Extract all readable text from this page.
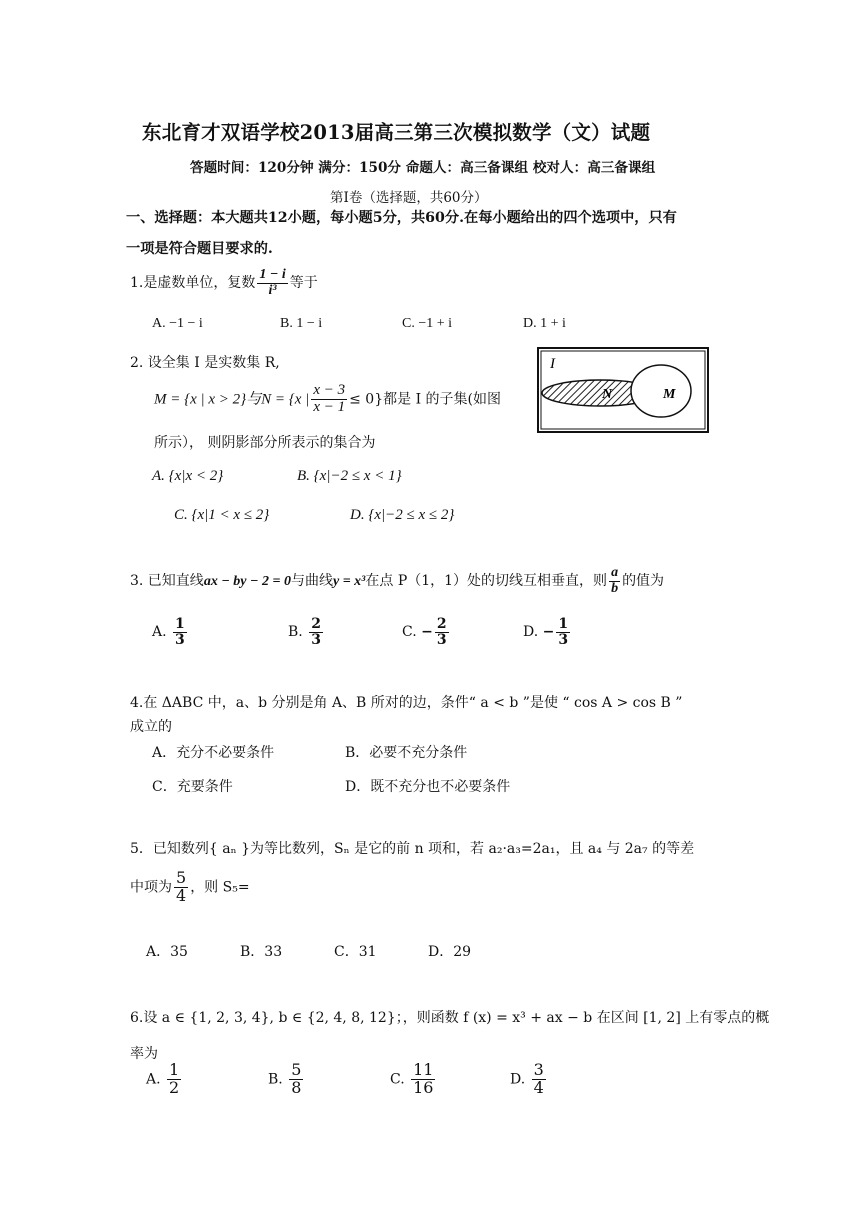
东北育才双语学校2013届高三第三次模拟数学（文）试题
答题时间：120分钟 满分：150分 命题人：高三备课组 校对人：高三备课组
第Ⅰ卷（选择题，共60分）
一、选择题：本大题共12小题，每小题5分，共60分.在每小题给出的四个选项中，只有
一项是符合题目要求的.
1.是虚数单位，复数 $\frac{1 - i}{\text{i³}}$ 等于
A. −1 − i	B. 1 − i	C. −1 + i	D. 1 + i
2. 设全集 I 是实数集 R,
M = {x | x > 2}与N = {x | $\frac{x - 3}{x - 1} \le 0$}都是 I 的子集(如图
所示）， 则阴影部分所表示的集合为
A. {x|x < 2}	B. {x|−2 ≤ x < 1}
C. {x|1 < x ≤ 2}	D. {x|−2 ≤ x ≤ 2}
I
N	M
3. 已知直线ax − by − 2 = 0与曲线y = x³在点 P（1，1）处的切线互相垂直，则 $\frac{a}{b}$ 的值为
A. $\frac{1}{3}$	B. $\frac{2}{3}$	C. − $\frac{2}{3}$	D. − $\frac{1}{3}$
4.在 ΔABC 中，a、b 分别是角 A、B 所对的边，条件“ a < b ”是使 “ cos A > cos B ”
成立的
A．充分不必要条件	B．必要不充分条件
C．充要条件	D．既不充分也不必要条件
5．已知数列{ aₙ }为等比数列，Sₙ 是它的前 n 项和，若 a₂·a₃=2a₁，且 a₄ 与 2a₇ 的等差
中项为 $\frac{5}{4}$ ，则 S₅=
A．35	B．33	C．31	D．29
6.设 a ∈ {1, 2, 3, 4}, b ∈ {2, 4, 8, 12}；，则函数 f (x) = x³ + ax − b 在区间 [1, 2] 上有零点的概
率为
A. $\frac{1}{2}$	B. $\frac{5}{8}$	C. $\frac{11}{16}$	D. $\frac{3}{4}$
